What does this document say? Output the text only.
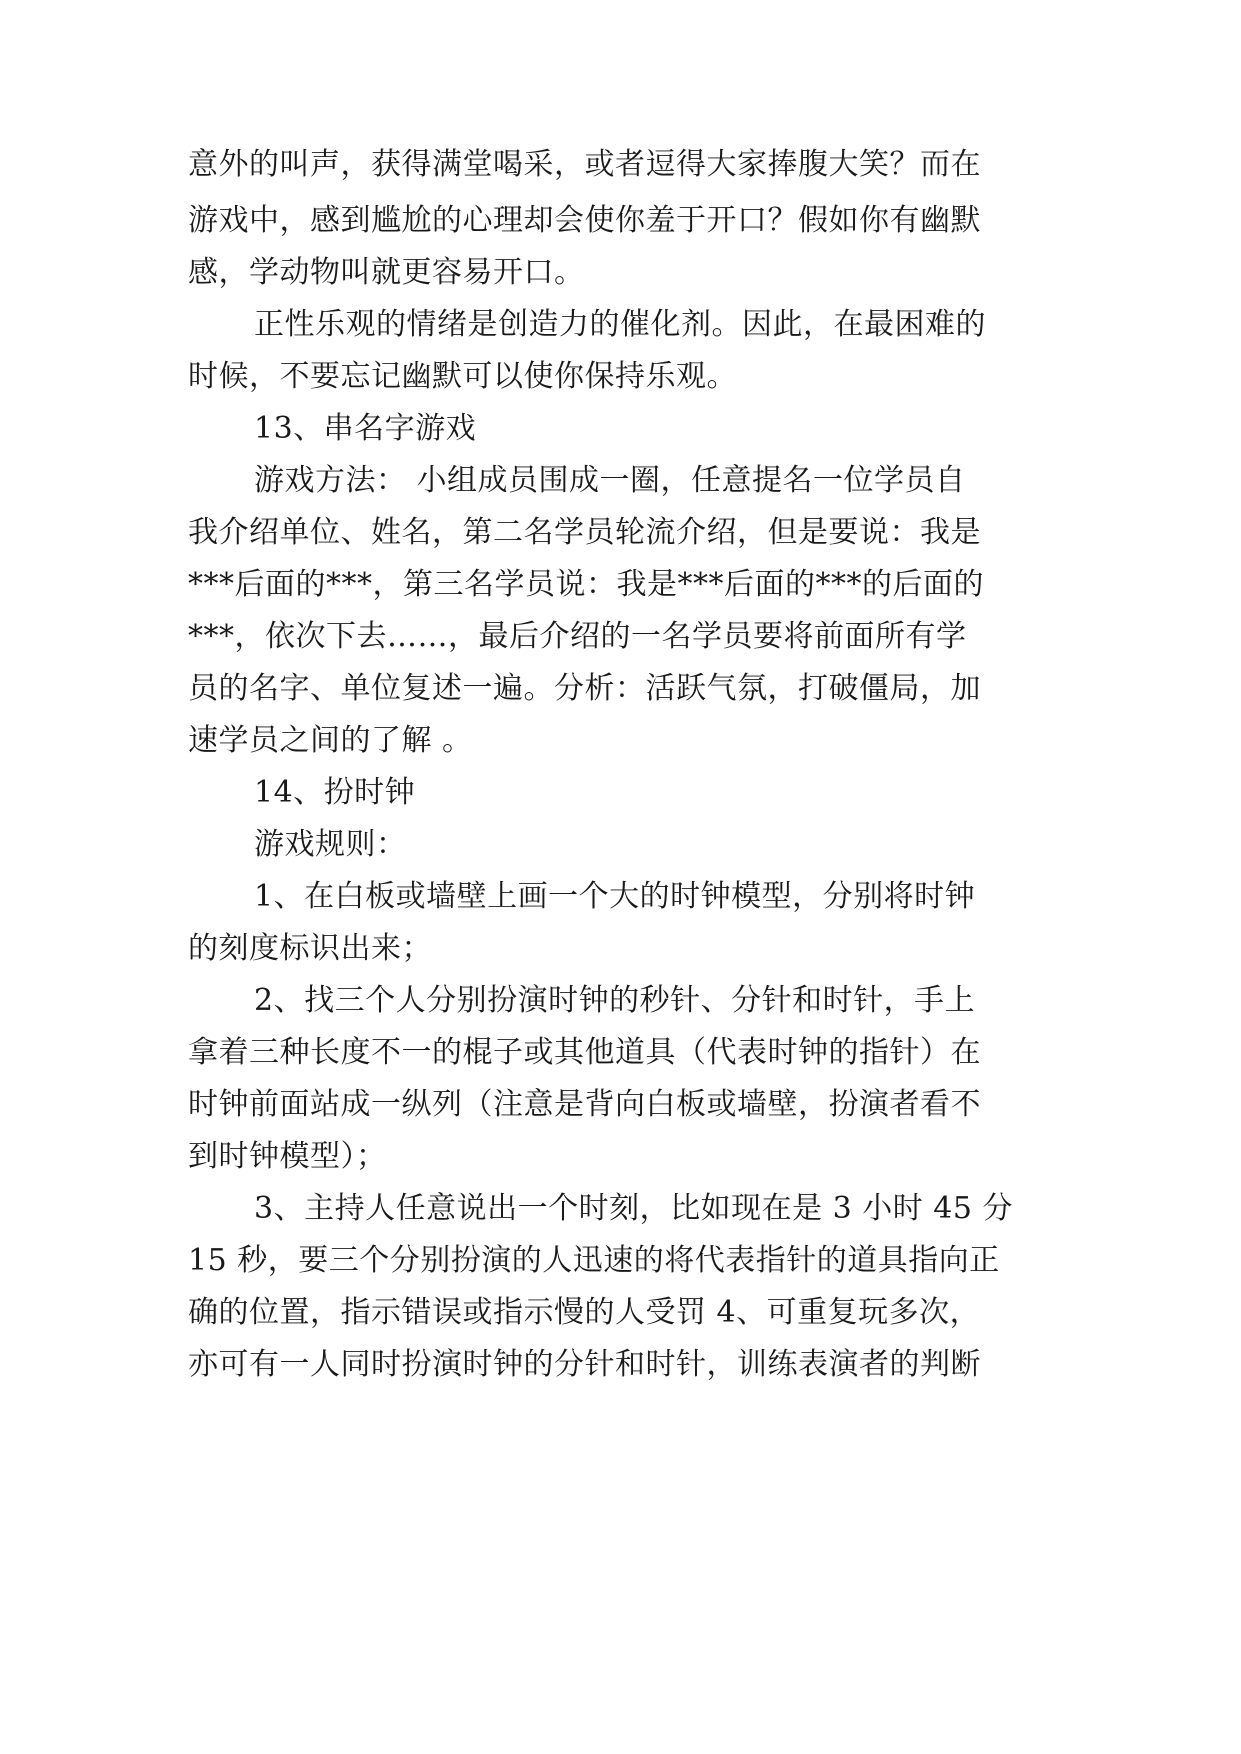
意外的叫声，获得满堂喝采，或者逗得大家捧腹大笑？而在
游戏中，感到尴尬的心理却会使你羞于开口？假如你有幽默
感，学动物叫就更容易开口。
正性乐观的情绪是创造力的催化剂。因此，在最困难的
时候，不要忘记幽默可以使你保持乐观。
13、串名字游戏
游戏方法： 小组成员围成一圈，任意提名一位学员自
我介绍单位、姓名，第二名学员轮流介绍，但是要说：我是
***后面的***，第三名学员说：我是***后面的***的后面的
***，依次下去……，最后介绍的一名学员要将前面所有学
员的名字、单位复述一遍。分析：活跃气氛，打破僵局，加
速学员之间的了解 。
14、扮时钟
游戏规则：
1、在白板或墙壁上画一个大的时钟模型，分别将时钟
的刻度标识出来；
2、找三个人分别扮演时钟的秒针、分针和时针，手上
拿着三种长度不一的棍子或其他道具（代表时钟的指针）在
时钟前面站成一纵列（注意是背向白板或墙壁，扮演者看不
到时钟模型）；
3、主持人任意说出一个时刻，比如现在是 3 小时 45 分
15 秒，要三个分别扮演的人迅速的将代表指针的道具指向正
确的位置，指示错误或指示慢的人受罚 4、可重复玩多次，
亦可有一人同时扮演时钟的分针和时针，训练表演者的判断
